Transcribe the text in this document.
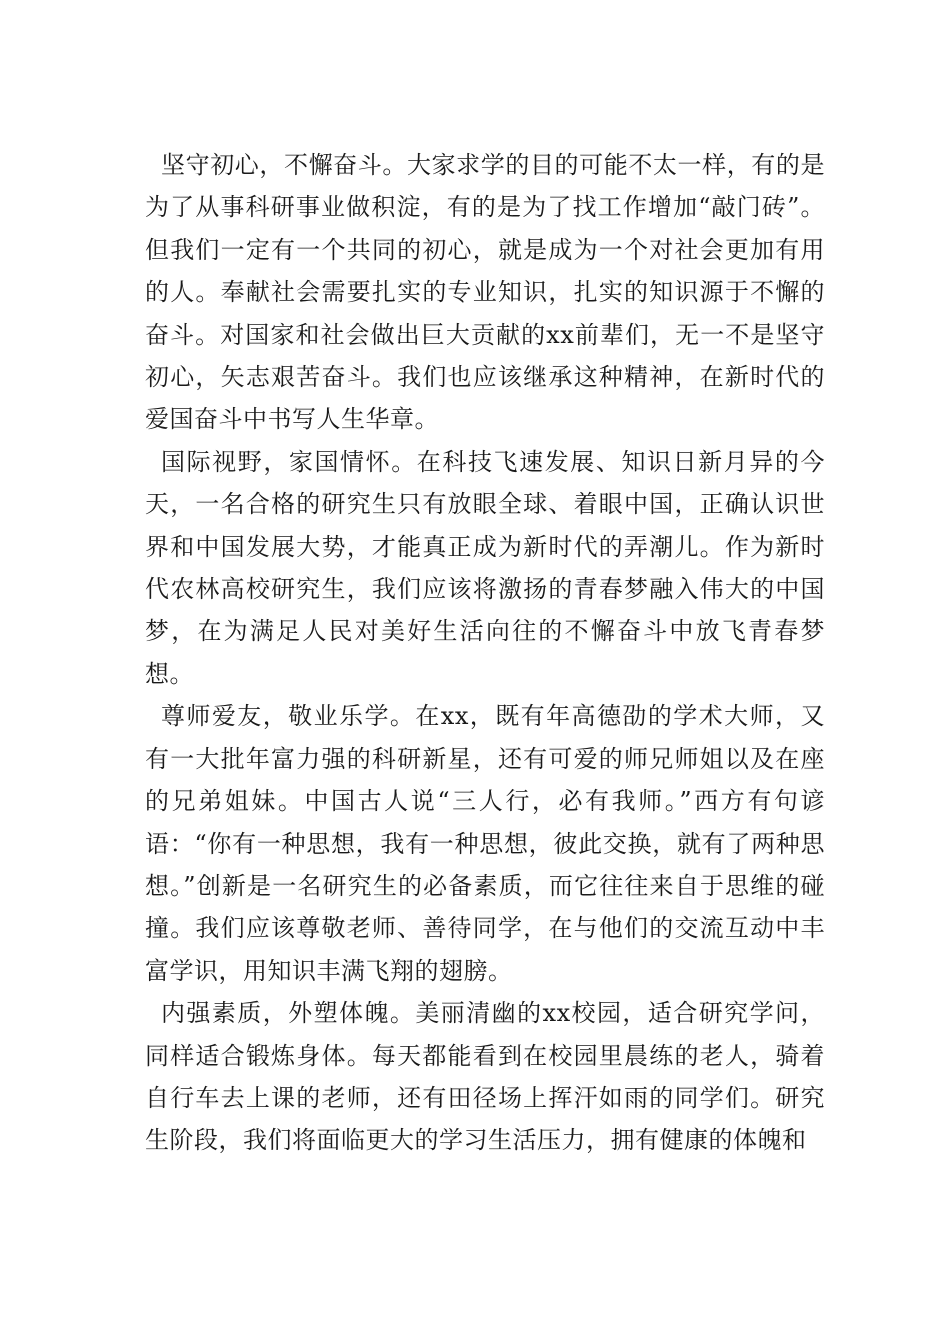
坚守初心，不懈奋斗。大家求学的目的可能不太一样，有的是为了从事科研事业做积淀，有的是为了找工作增加“敲门砖”。但我们一定有一个共同的初心，就是成为一个对社会更加有用的人。奉献社会需要扎实的专业知识，扎实的知识源于不懈的奋斗。对国家和社会做出巨大贡献的xx前辈们，无一不是坚守初心，矢志艰苦奋斗。我们也应该继承这种精神，在新时代的爱国奋斗中书写人生华章。

国际视野，家国情怀。在科技飞速发展、知识日新月异的今天，一名合格的研究生只有放眼全球、着眼中国，正确认识世界和中国发展大势，才能真正成为新时代的弄潮儿。作为新时代农林高校研究生，我们应该将激扬的青春梦融入伟大的中国梦，在为满足人民对美好生活向往的不懈奋斗中放飞青春梦想。

尊师爱友，敬业乐学。在xx，既有年高德劭的学术大师，又有一大批年富力强的科研新星，还有可爱的师兄师姐以及在座的兄弟姐妹。中国古人说“三人行，必有我师。”西方有句谚语：“你有一种思想，我有一种思想，彼此交换，就有了两种思想。”创新是一名研究生的必备素质，而它往往来自于思维的碰撞。我们应该尊敬老师、善待同学，在与他们的交流互动中丰富学识，用知识丰满飞翔的翅膀。

内强素质，外塑体魄。美丽清幽的xx校园，适合研究学问，同样适合锻炼身体。每天都能看到在校园里晨练的老人，骑着自行车去上课的老师，还有田径场上挥汗如雨的同学们。研究生阶段，我们将面临更大的学习生活压力，拥有健康的体魄和
